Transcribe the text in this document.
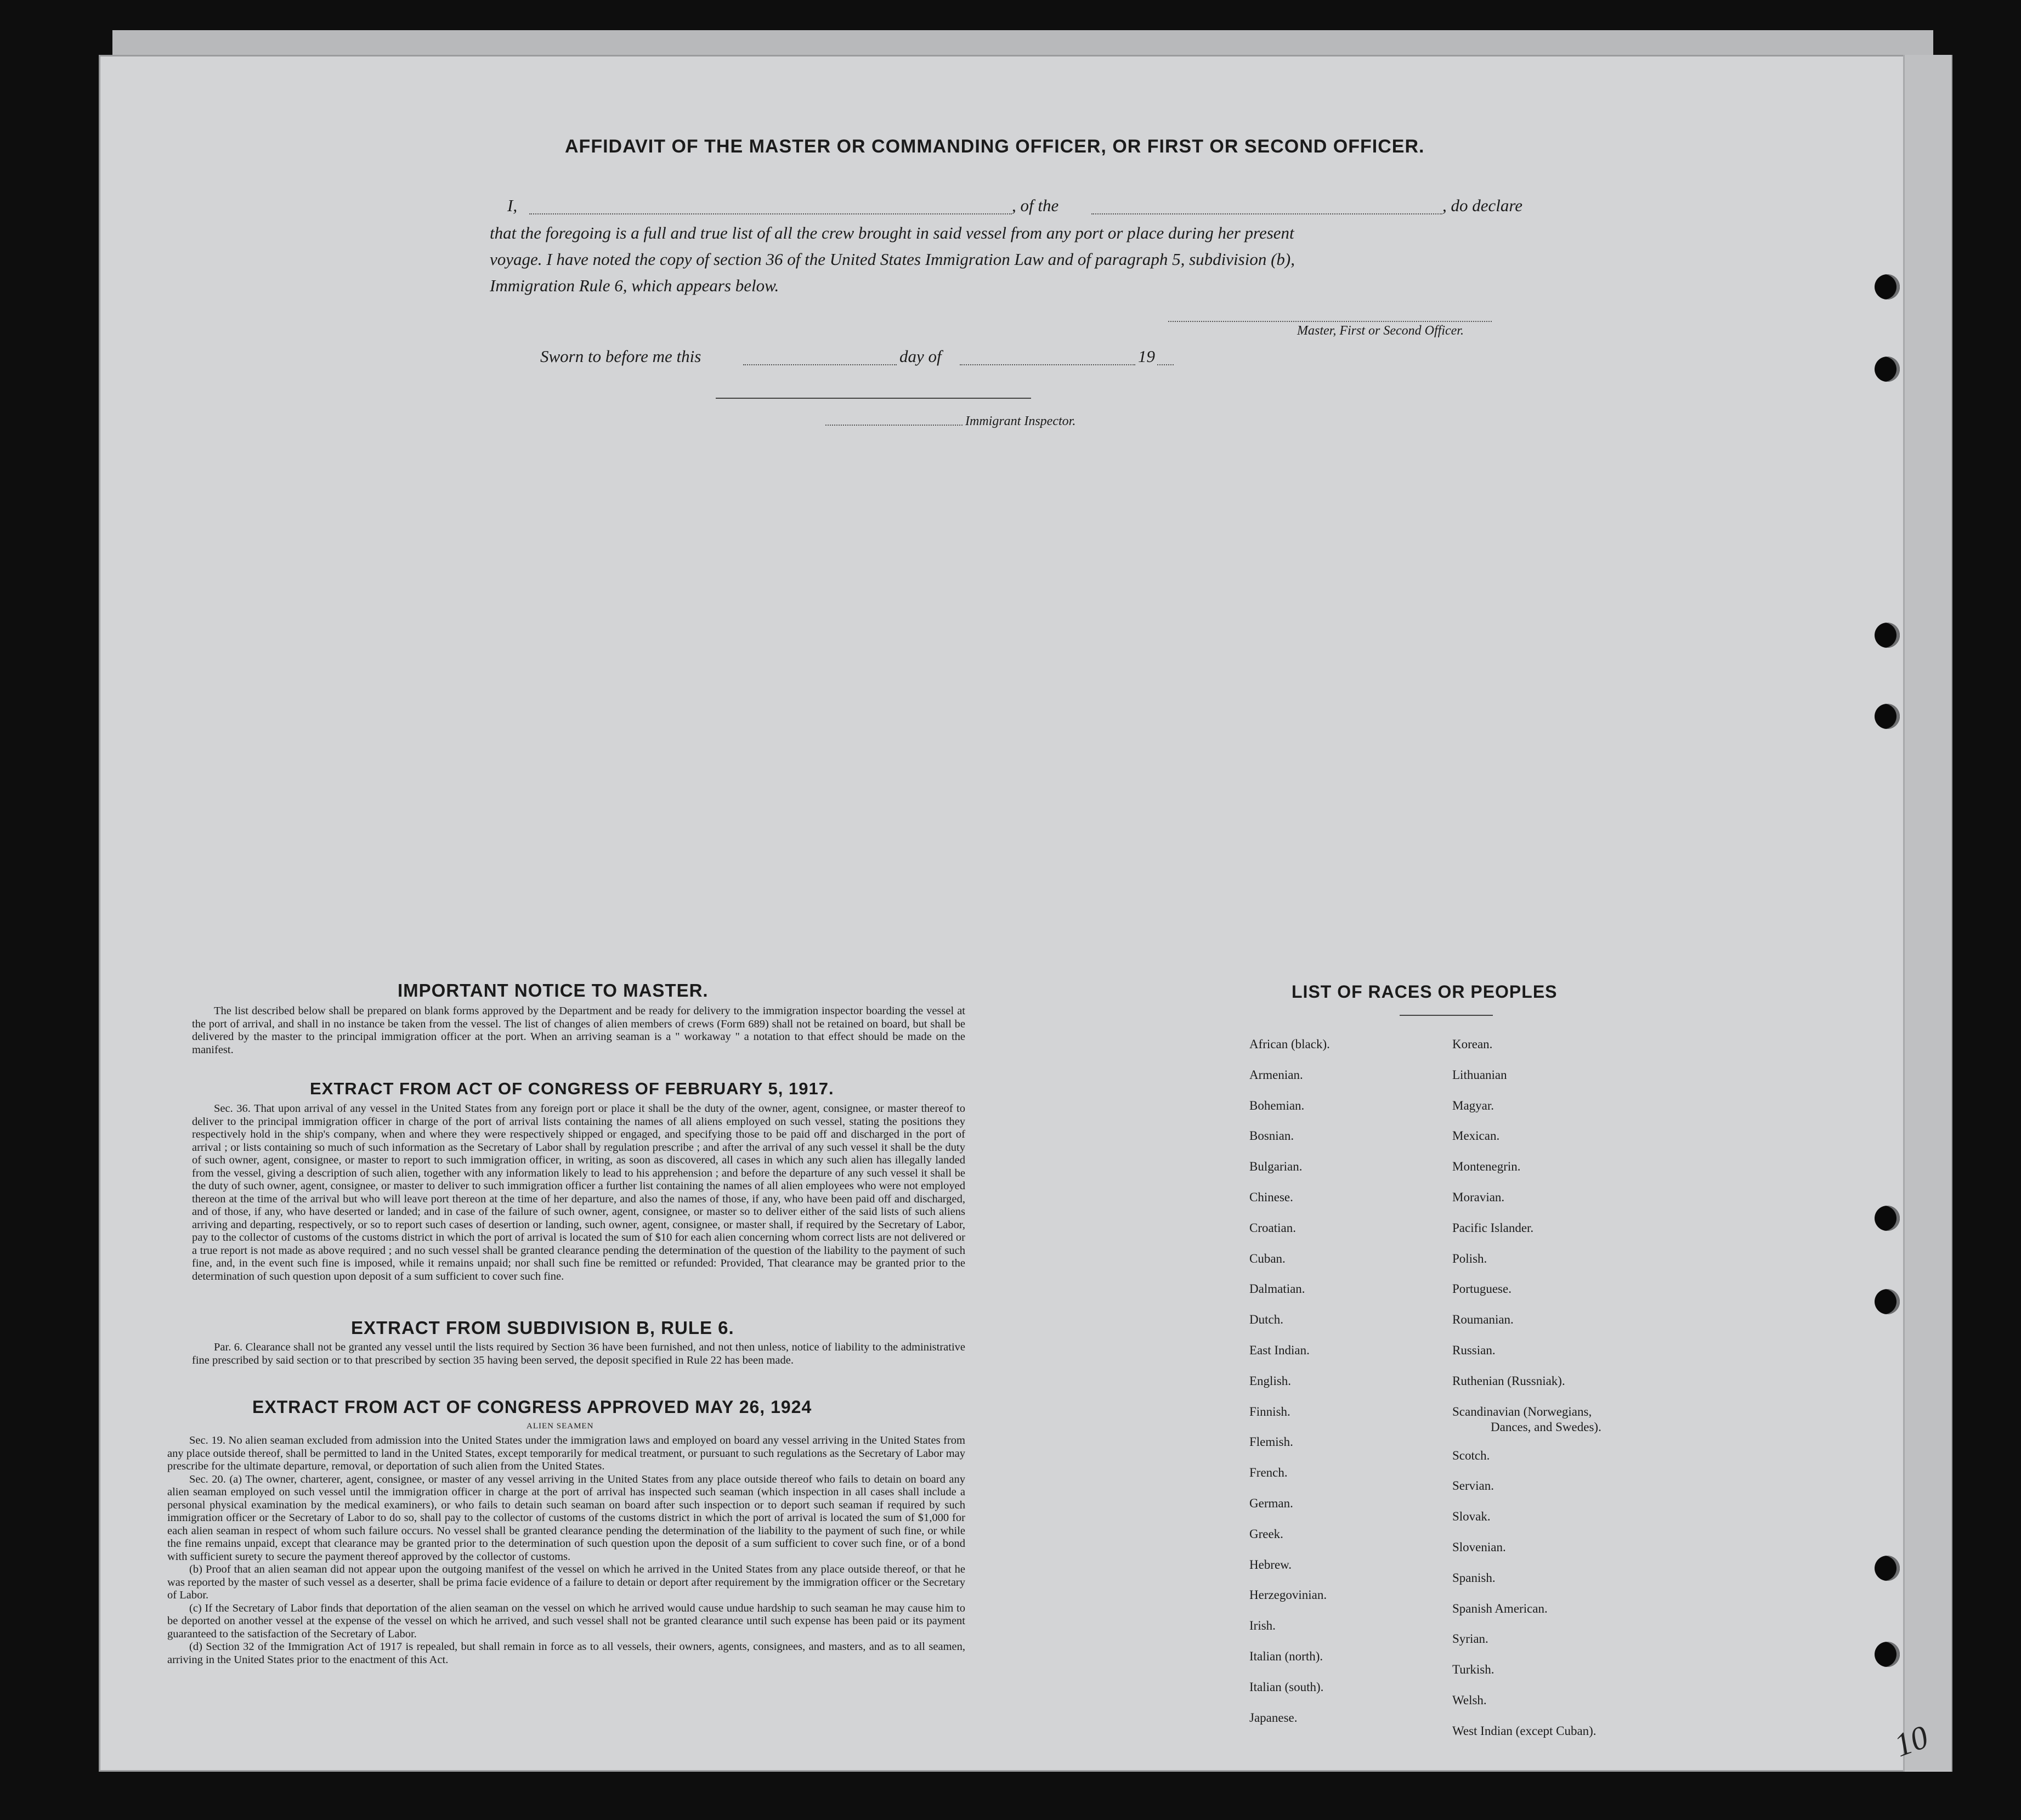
AFFIDAVIT OF THE MASTER OR COMMANDING OFFICER, OR FIRST OR SECOND OFFICER.
I,	, of the	, do declare
that the foregoing is a full and true list of all the crew brought in said vessel from any port or place during her present
voyage. I have noted the copy of section 36 of the United States Immigration Law and of paragraph 5, subdivision (b),
Immigration Rule 6, which appears below.
Master, First or Second Officer.
Sworn to before me this	day of	19
Immigrant Inspector.
IMPORTANT NOTICE TO MASTER.

The list described below shall be prepared on blank forms approved by the Department and be ready for delivery to the immigration inspector boarding the vessel at the port of arrival, and shall in no instance be taken from the vessel. The list of changes of alien members of crews (Form 689) shall not be retained on board, but shall be delivered by the master to the principal immigration officer at the port. When an arriving seaman is a " workaway " a notation to that effect should be made on the manifest.

EXTRACT FROM ACT OF CONGRESS OF FEBRUARY 5, 1917.

Sec. 36. That upon arrival of any vessel in the United States from any foreign port or place it shall be the duty of the owner, agent, consignee, or master thereof to deliver to the principal immigration officer in charge of the port of arrival lists containing the names of all aliens employed on such vessel, stating the positions they respectively hold in the ship's company, when and where they were respectively shipped or engaged, and specifying those to be paid off and discharged in the port of arrival ; or lists containing so much of such information as the Secretary of Labor shall by regulation prescribe ; and after the arrival of any such vessel it shall be the duty of such owner, agent, consignee, or master to report to such immigration officer, in writing, as soon as discovered, all cases in which any such alien has illegally landed from the vessel, giving a description of such alien, together with any information likely to lead to his apprehension ; and before the departure of any such vessel it shall be the duty of such owner, agent, consignee, or master to deliver to such immigration officer a further list containing the names of all alien employees who were not employed thereon at the time of the arrival but who will leave port thereon at the time of her departure, and also the names of those, if any, who have been paid off and discharged, and of those, if any, who have deserted or landed; and in case of the failure of such owner, agent, consignee, or master so to deliver either of the said lists of such aliens arriving and departing, respectively, or so to report such cases of desertion or landing, such owner, agent, consignee, or master shall, if required by the Secretary of Labor, pay to the collector of customs of the customs district in which the port of arrival is located the sum of $10 for each alien concerning whom correct lists are not delivered or a true report is not made as above required ; and no such vessel shall be granted clearance pending the determination of the question of the liability to the payment of such fine, and, in the event such fine is imposed, while it remains unpaid; nor shall such fine be remitted or refunded: Provided, That clearance may be granted prior to the determination of such question upon deposit of a sum sufficient to cover such fine.

EXTRACT FROM SUBDIVISION B, RULE 6.

Par. 6. Clearance shall not be granted any vessel until the lists required by Section 36 have been furnished, and not then unless, notice of liability to the administrative fine prescribed by said section or to that prescribed by section 35 having been served, the deposit specified in Rule 22 has been made.

EXTRACT FROM ACT OF CONGRESS APPROVED MAY 26, 1924
ALIEN SEAMEN

Sec. 19. No alien seaman excluded from admission into the United States under the immigration laws and employed on board any vessel arriving in the United States from any place outside thereof, shall be permitted to land in the United States, except temporarily for medical treatment, or pursuant to such regulations as the Secretary of Labor may prescribe for the ultimate departure, removal, or deportation of such alien from the United States.

Sec. 20. (a) The owner, charterer, agent, consignee, or master of any vessel arriving in the United States from any place outside thereof who fails to detain on board any alien seaman employed on such vessel until the immigration officer in charge at the port of arrival has inspected such seaman (which inspection in all cases shall include a personal physical examination by the medical examiners), or who fails to detain such seaman on board after such inspection or to deport such seaman if required by such immigration officer or the Secretary of Labor to do so, shall pay to the collector of customs of the customs district in which the port of arrival is located the sum of $1,000 for each alien seaman in respect of whom such failure occurs. No vessel shall be granted clearance pending the determination of the liability to the payment of such fine, or while the fine remains unpaid, except that clearance may be granted prior to the determination of such question upon the deposit of a sum sufficient to cover such fine, or of a bond with sufficient surety to secure the payment thereof approved by the collector of customs.

(b) Proof that an alien seaman did not appear upon the outgoing manifest of the vessel on which he arrived in the United States from any place outside thereof, or that he was reported by the master of such vessel as a deserter, shall be prima facie evidence of a failure to detain or deport after requirement by the immigration officer or the Secretary of Labor.

(c) If the Secretary of Labor finds that deportation of the alien seaman on the vessel on which he arrived would cause undue hardship to such seaman he may cause him to be deported on another vessel at the expense of the vessel on which he arrived, and such vessel shall not be granted clearance until such expense has been paid or its payment guaranteed to the satisfaction of the Secretary of Labor.

(d) Section 32 of the Immigration Act of 1917 is repealed, but shall remain in force as to all vessels, their owners, agents, consignees, and masters, and as to all seamen, arriving in the United States prior to the enactment of this Act.

LIST OF RACES OR PEOPLES
African (black).
Armenian.
Bohemian.
Bosnian.
Bulgarian.
Chinese.
Croatian.
Cuban.
Dalmatian.
Dutch.
East Indian.
English.
Finnish.
Flemish.
French.
German.
Greek.
Hebrew.
Herzegovinian.
Irish.
Italian (north).
Italian (south).
Japanese.
Korean.
Lithuanian
Magyar.
Mexican.
Montenegrin.
Moravian.
Pacific Islander.
Polish.
Portuguese.
Roumanian.
Russian.
Ruthenian (Russniak).
Scandinavian (Norwegians,
Dances, and Swedes).
Scotch.
Servian.
Slovak.
Slovenian.
Spanish.
Spanish American.
Syrian.
Turkish.
Welsh.
West Indian (except Cuban).	10
